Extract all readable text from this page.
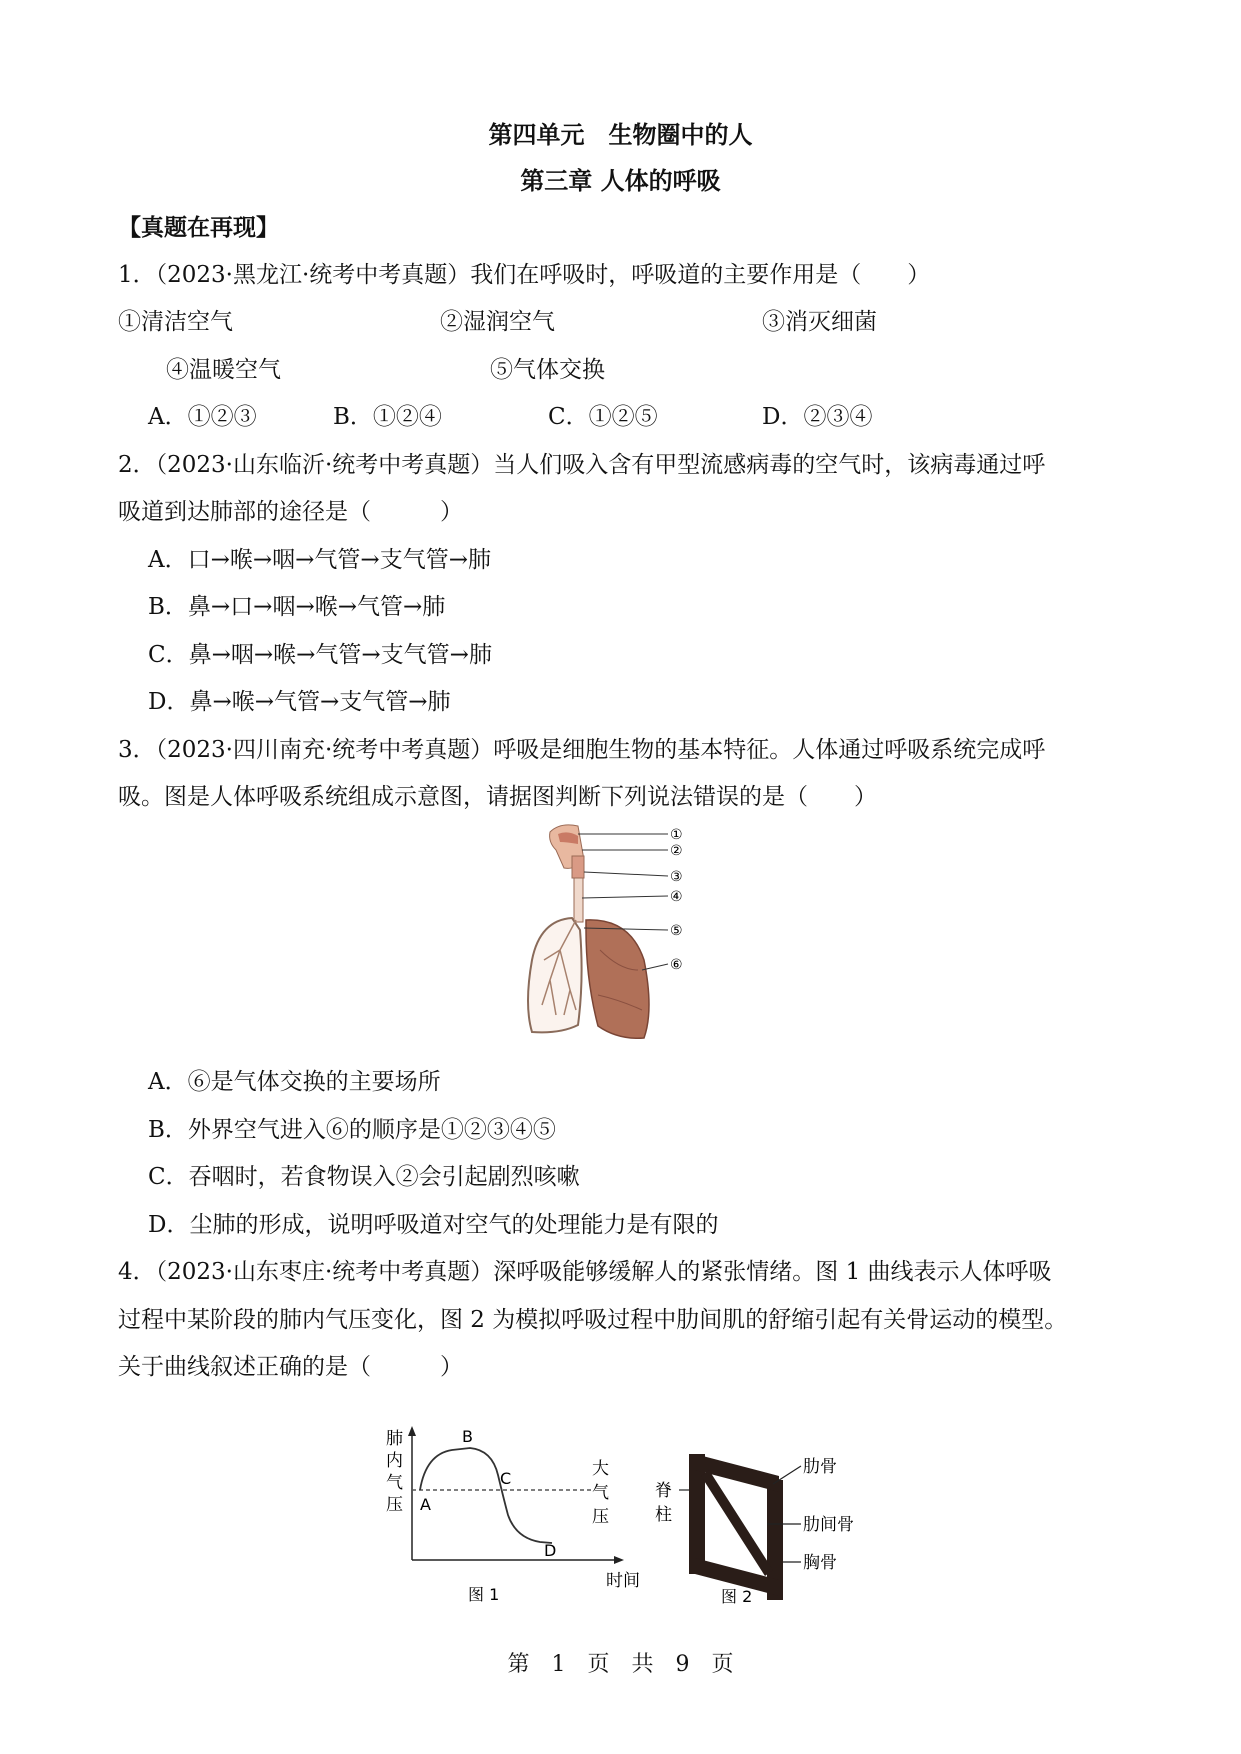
第四单元　生物圈中的人
第三章 人体的呼吸
【真题在再现】
1．（2023·黑龙江·统考中考真题）我们在呼吸时，呼吸道的主要作用是（　　）
①清洁空气	②湿润空气	③消灭细菌
④温暖空气	⑤气体交换
A．①②③	B．①②④	C．①②⑤	D．②③④
2．（2023·山东临沂·统考中考真题）当人们吸入含有甲型流感病毒的空气时，该病毒通过呼
吸道到达肺部的途径是（　　　）
A．口→喉→咽→气管→支气管→肺
B．鼻→口→咽→喉→气管→肺
C．鼻→咽→喉→气管→支气管→肺
D．鼻→喉→气管→支气管→肺
3．（2023·四川南充·统考中考真题）呼吸是细胞生物的基本特征。人体通过呼吸系统完成呼
吸。图是人体呼吸系统组成示意图，请据图判断下列说法错误的是（　　）
①
②
③
④
⑤
⑥
A．⑥是气体交换的主要场所
B．外界空气进入⑥的顺序是①②③④⑤
C．吞咽时，若食物误入②会引起剧烈咳嗽
D．尘肺的形成，说明呼吸道对空气的处理能力是有限的
4．（2023·山东枣庄·统考中考真题）深呼吸能够缓解人的紧张情绪。图 1 曲线表示人体呼吸
过程中某阶段的肺内气压变化，图 2 为模拟呼吸过程中肋间肌的舒缩引起有关骨运动的模型。
关于曲线叙述正确的是（　　　）
肺
内
气
压 A
B
C
D
大
气
压
时间
图 1
脊
柱
肋骨
肋间骨
胸骨
图 2
第　1　页　共　9　页
